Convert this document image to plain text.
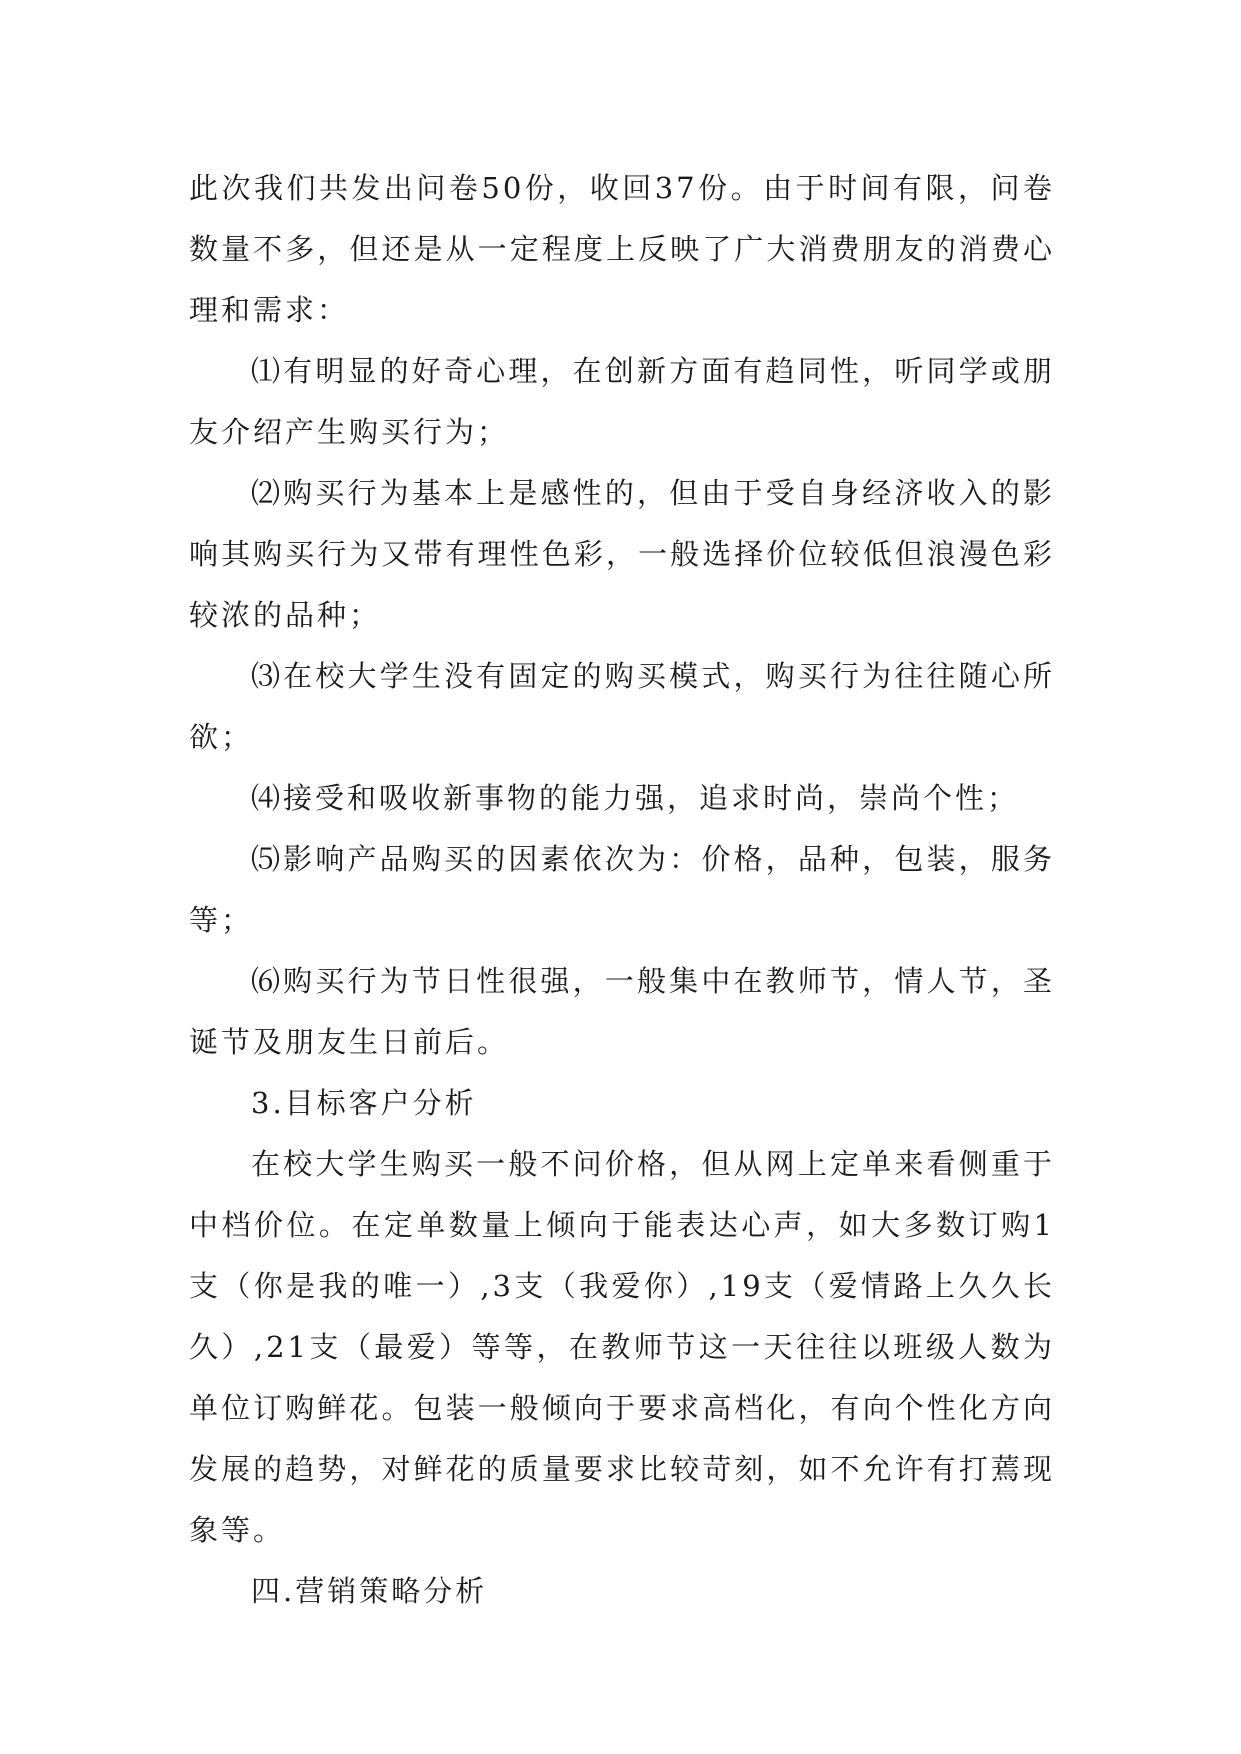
此次我们共发出问卷50份，收回37份。由于时间有限，问卷数量不多，但还是从一定程度上反映了广大消费朋友的消费心理和需求：

⑴有明显的好奇心理，在创新方面有趋同性，听同学或朋友介绍产生购买行为；

⑵购买行为基本上是感性的，但由于受自身经济收入的影响其购买行为又带有理性色彩，一般选择价位较低但浪漫色彩较浓的品种；

⑶在校大学生没有固定的购买模式，购买行为往往随心所欲；

⑷接受和吸收新事物的能力强，追求时尚，崇尚个性；

⑸影响产品购买的因素依次为：价格，品种，包装，服务等；

⑹购买行为节日性很强，一般集中在教师节，情人节，圣诞节及朋友生日前后。

3.目标客户分析

在校大学生购买一般不问价格，但从网上定单来看侧重于中档价位。在定单数量上倾向于能表达心声，如大多数订购1支（你是我的唯一）,3支（我爱你）,19支（爱情路上久久长久）,21支（最爱）等等，在教师节这一天往往以班级人数为单位订购鲜花。包装一般倾向于要求高档化，有向个性化方向发展的趋势，对鲜花的质量要求比较苛刻，如不允许有打蔫现象等。

四.营销策略分析
